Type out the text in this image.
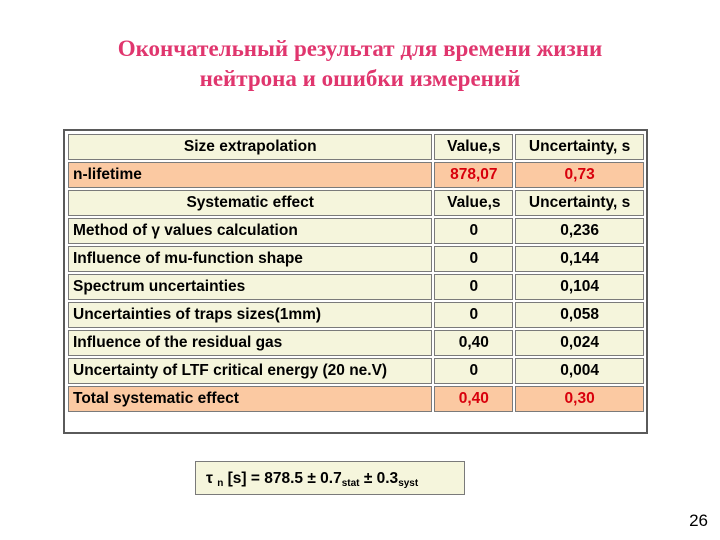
Окончательный результат для времени жизни
нейтрона и ошибки измерений
Size extrapolation	Value,s	Uncertainty, s
n-lifetime	878,07	0,73
Systematic effect	Value,s	Uncertainty, s
Method of γ values calculation	0	0,236
Influence of mu-function shape	0	0,144
Spectrum uncertainties	0	0,104
Uncertainties of traps sizes(1mm)	0	0,058
Influence of the residual gas	0,40	0,024
Uncertainty of LTF critical energy (20 ne.V)	0	0,004
Total systematic effect	0,40	0,30
τ $_n$ $[s] = 878.5 \pm 0.7_{stat} \pm 0.3_{syst}$
26
